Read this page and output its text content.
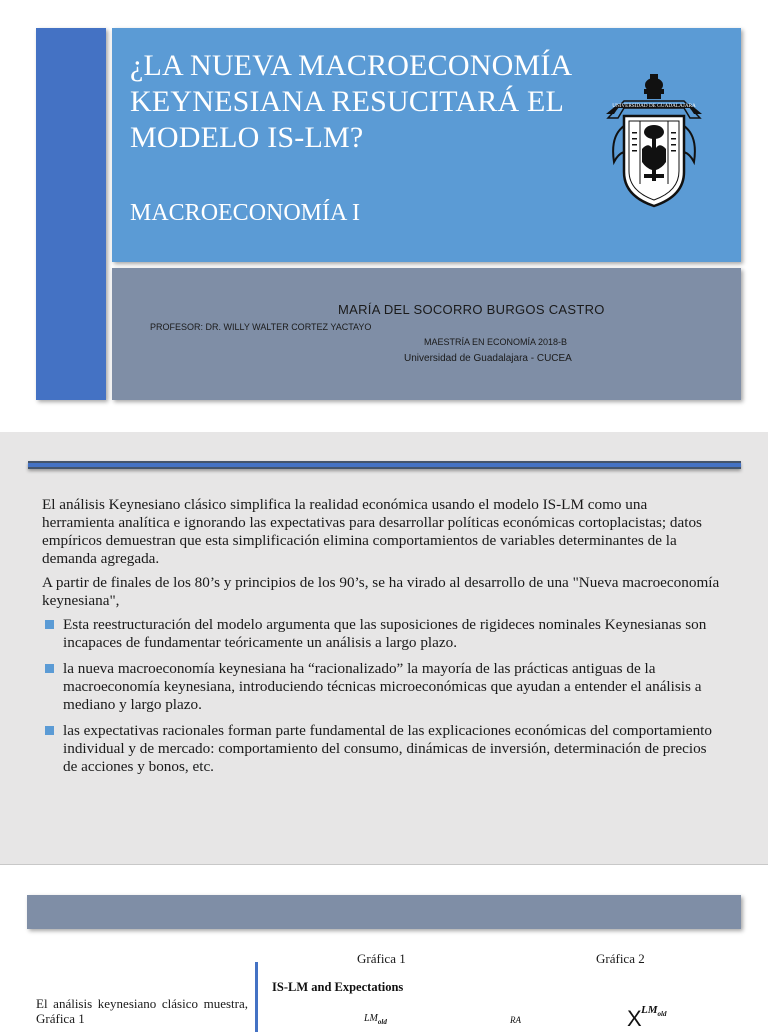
¿LA NUEVA MACROECONOMÍA KEYNESIANA RESUCITARÁ EL MODELO IS-LM?
MACROECONOMÍA I
UNIVERSIDAD DE GUADALAJARA
MARÍA DEL SOCORRO BURGOS CASTRO
PROFESOR: DR. WILLY WALTER CORTEZ YACTAYO
MAESTRÍA EN ECONOMÍA 2018-B
Universidad de Guadalajara - CUCEA

El análisis Keynesiano clásico simplifica la realidad económica usando el modelo IS-LM como una herramienta analítica e ignorando las expectativas para desarrollar políticas económicas cortoplacistas; datos empíricos demuestran que esta simplificación elimina comportamientos de variables determinantes de la demanda agregada.

A partir de finales de los 80’s y principios de los 90’s, se ha virado al desarrollo de una "Nueva macroeconomía keynesiana",

Esta reestructuración del modelo argumenta que las suposiciones de rigideces nominales Keynesianas son incapaces de fundamentar teóricamente un análisis a largo plazo.
la nueva macroeconomía keynesiana ha “racionalizado” la mayoría de las prácticas antiguas de la macroeconomía keynesiana, introduciendo técnicas microeconómicas que ayudan a entender el análisis a mediano y largo plazo.
las expectativas racionales forman parte fundamental de las explicaciones económicas del comportamiento individual y de mercado: comportamiento del consumo, dinámicas de inversión, determinación de precios de acciones y bonos, etc.
El análisis keynesiano clásico muestra, Gráfica 1
Gráfica 1	Gráfica 2
IS-LM and Expectations
$LM_{old}$	RA	X $LM_{old}$
